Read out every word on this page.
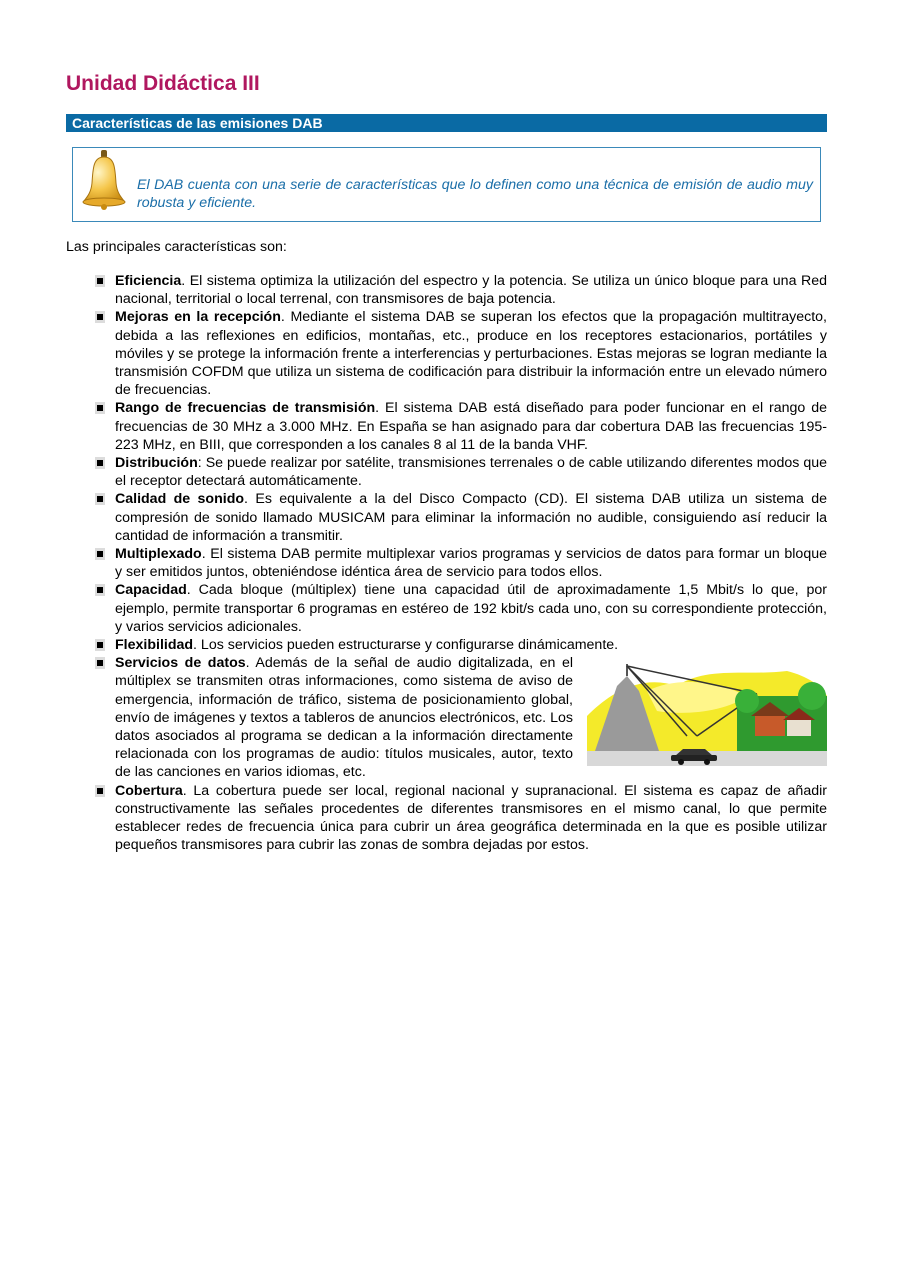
Unidad Didáctica III
Características de las emisiones DAB
El DAB cuenta con una serie de características que lo definen como una técnica de emisión de audio muy robusta y eficiente.

Las principales características son:

Eficiencia. El sistema optimiza la utilización del espectro y la potencia. Se utiliza un único bloque para una Red nacional, territorial o local terrenal, con transmisores de baja potencia.
Mejoras en la recepción. Mediante el sistema DAB se superan los efectos que la propagación multitrayecto, debida a las reflexiones en edificios, montañas, etc., produce en los receptores estacionarios, portátiles y móviles y se protege la información frente a interferencias y perturbaciones. Estas mejoras se logran mediante la transmisión COFDM que utiliza un sistema de codificación para distribuir la información entre un elevado número de frecuencias.
Rango de frecuencias de transmisión. El sistema DAB está diseñado para poder funcionar en el rango de frecuencias de 30 MHz a 3.000 MHz. En España se han asignado para dar cobertura DAB las frecuencias 195-223 MHz, en BIII, que corresponden a los canales 8 al 11 de la banda VHF.
Distribución: Se puede realizar por satélite, transmisiones terrenales o de cable utilizando diferentes modos que el receptor detectará automáticamente.
Calidad de sonido. Es equivalente a la del Disco Compacto (CD). El sistema DAB utiliza un sistema de compresión de sonido llamado MUSICAM para eliminar la información no audible, consiguiendo así reducir la cantidad de información a transmitir.
Multiplexado. El sistema DAB permite multiplexar varios programas y servicios de datos para formar un bloque y ser emitidos juntos, obteniéndose idéntica área de servicio para todos ellos.
Capacidad. Cada bloque (múltiplex) tiene una capacidad útil de aproximadamente 1,5 Mbit/s lo que, por ejemplo, permite transportar 6 programas en estéreo de 192 kbit/s cada uno, con su correspondiente protección, y varios servicios adicionales.
Flexibilidad. Los servicios pueden estructurarse y configurarse dinámicamente.
Servicios de datos. Además de la señal de audio digitalizada, en el múltiplex se transmiten otras informaciones, como sistema de aviso de emergencia, información de tráfico, sistema de posicionamiento global, envío de imágenes y textos a tableros de anuncios electrónicos, etc. Los datos asociados al programa se dedican a la información directamente relacionada con los programas de audio: títulos musicales, autor, texto de las canciones en varios idiomas, etc.
Cobertura. La cobertura puede ser local, regional nacional y supranacional. El sistema es capaz de añadir constructivamente las señales procedentes de diferentes transmisores en el mismo canal, lo que permite establecer redes de frecuencia única para cubrir un área geográfica determinada en la que es posible utilizar pequeños transmisores para cubrir las zonas de sombra dejadas por estos.
